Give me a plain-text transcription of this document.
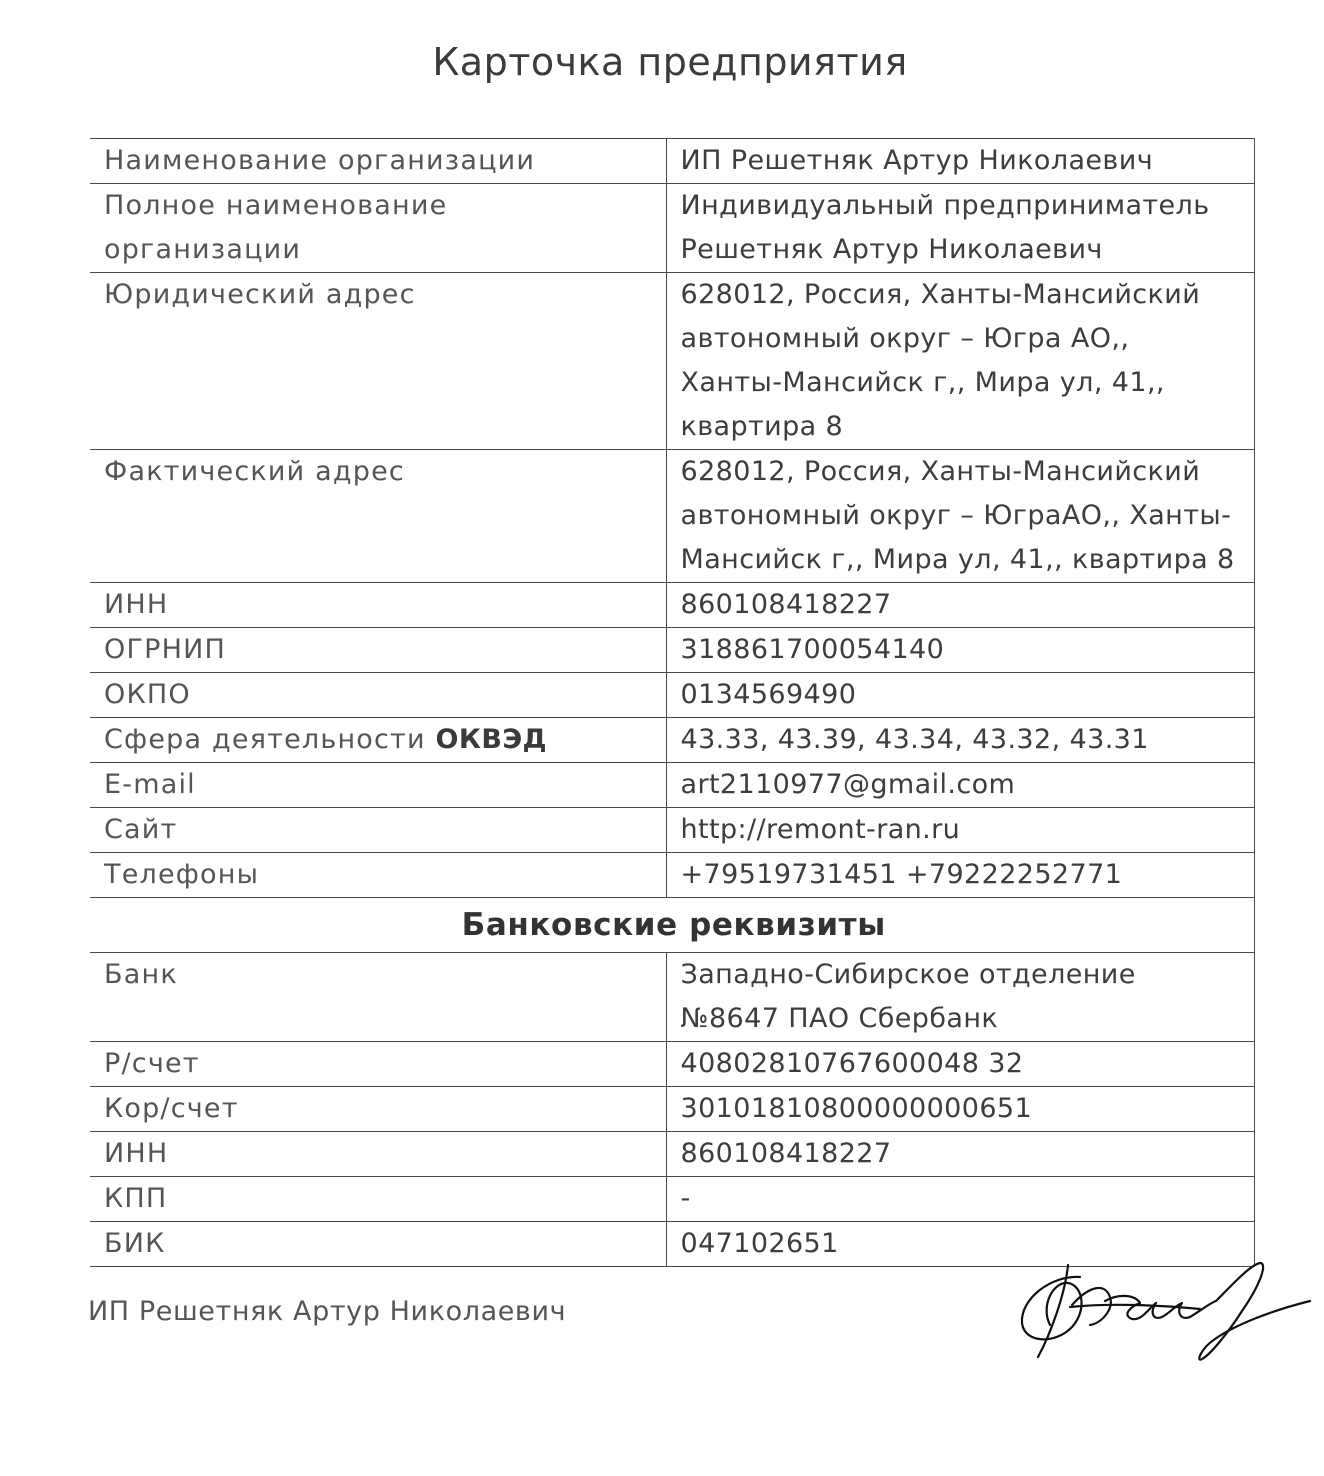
Карточка предприятия
Наименование организации	ИП Решетняк Артур Николаевич
Полное наименование организации	Индивидуальный предприниматель Решетняк Артур Николаевич
Юридический адрес	628012, Россия, Ханты-Мансийский автономный округ – Югра АО,, Ханты-Мансийск г,, Мира ул, 41,, квартира 8
Фактический адрес	628012, Россия, Ханты-Мансийский автономный округ – ЮграАО,, Ханты-Мансийск г,, Мира ул, 41,, квартира 8
ИНН	860108418227
ОГРНИП	318861700054140
ОКПО	0134569490
Сфера деятельности ОКВЭД	43.33, 43.39, 43.34, 43.32, 43.31
E-mail	art2110977@gmail.com
Сайт	http://remont-ran.ru
Телефоны	+79519731451 +79222252771
Банковские реквизиты	
Банк	Западно-Сибирское отделение №8647 ПАО Сбербанк
Р/счет	40802810767600048 32
Кор/счет	30101810800000000651
ИНН	860108418227
КПП	-
БИК	047102651
ИП Решетняк Артур Николаевич
